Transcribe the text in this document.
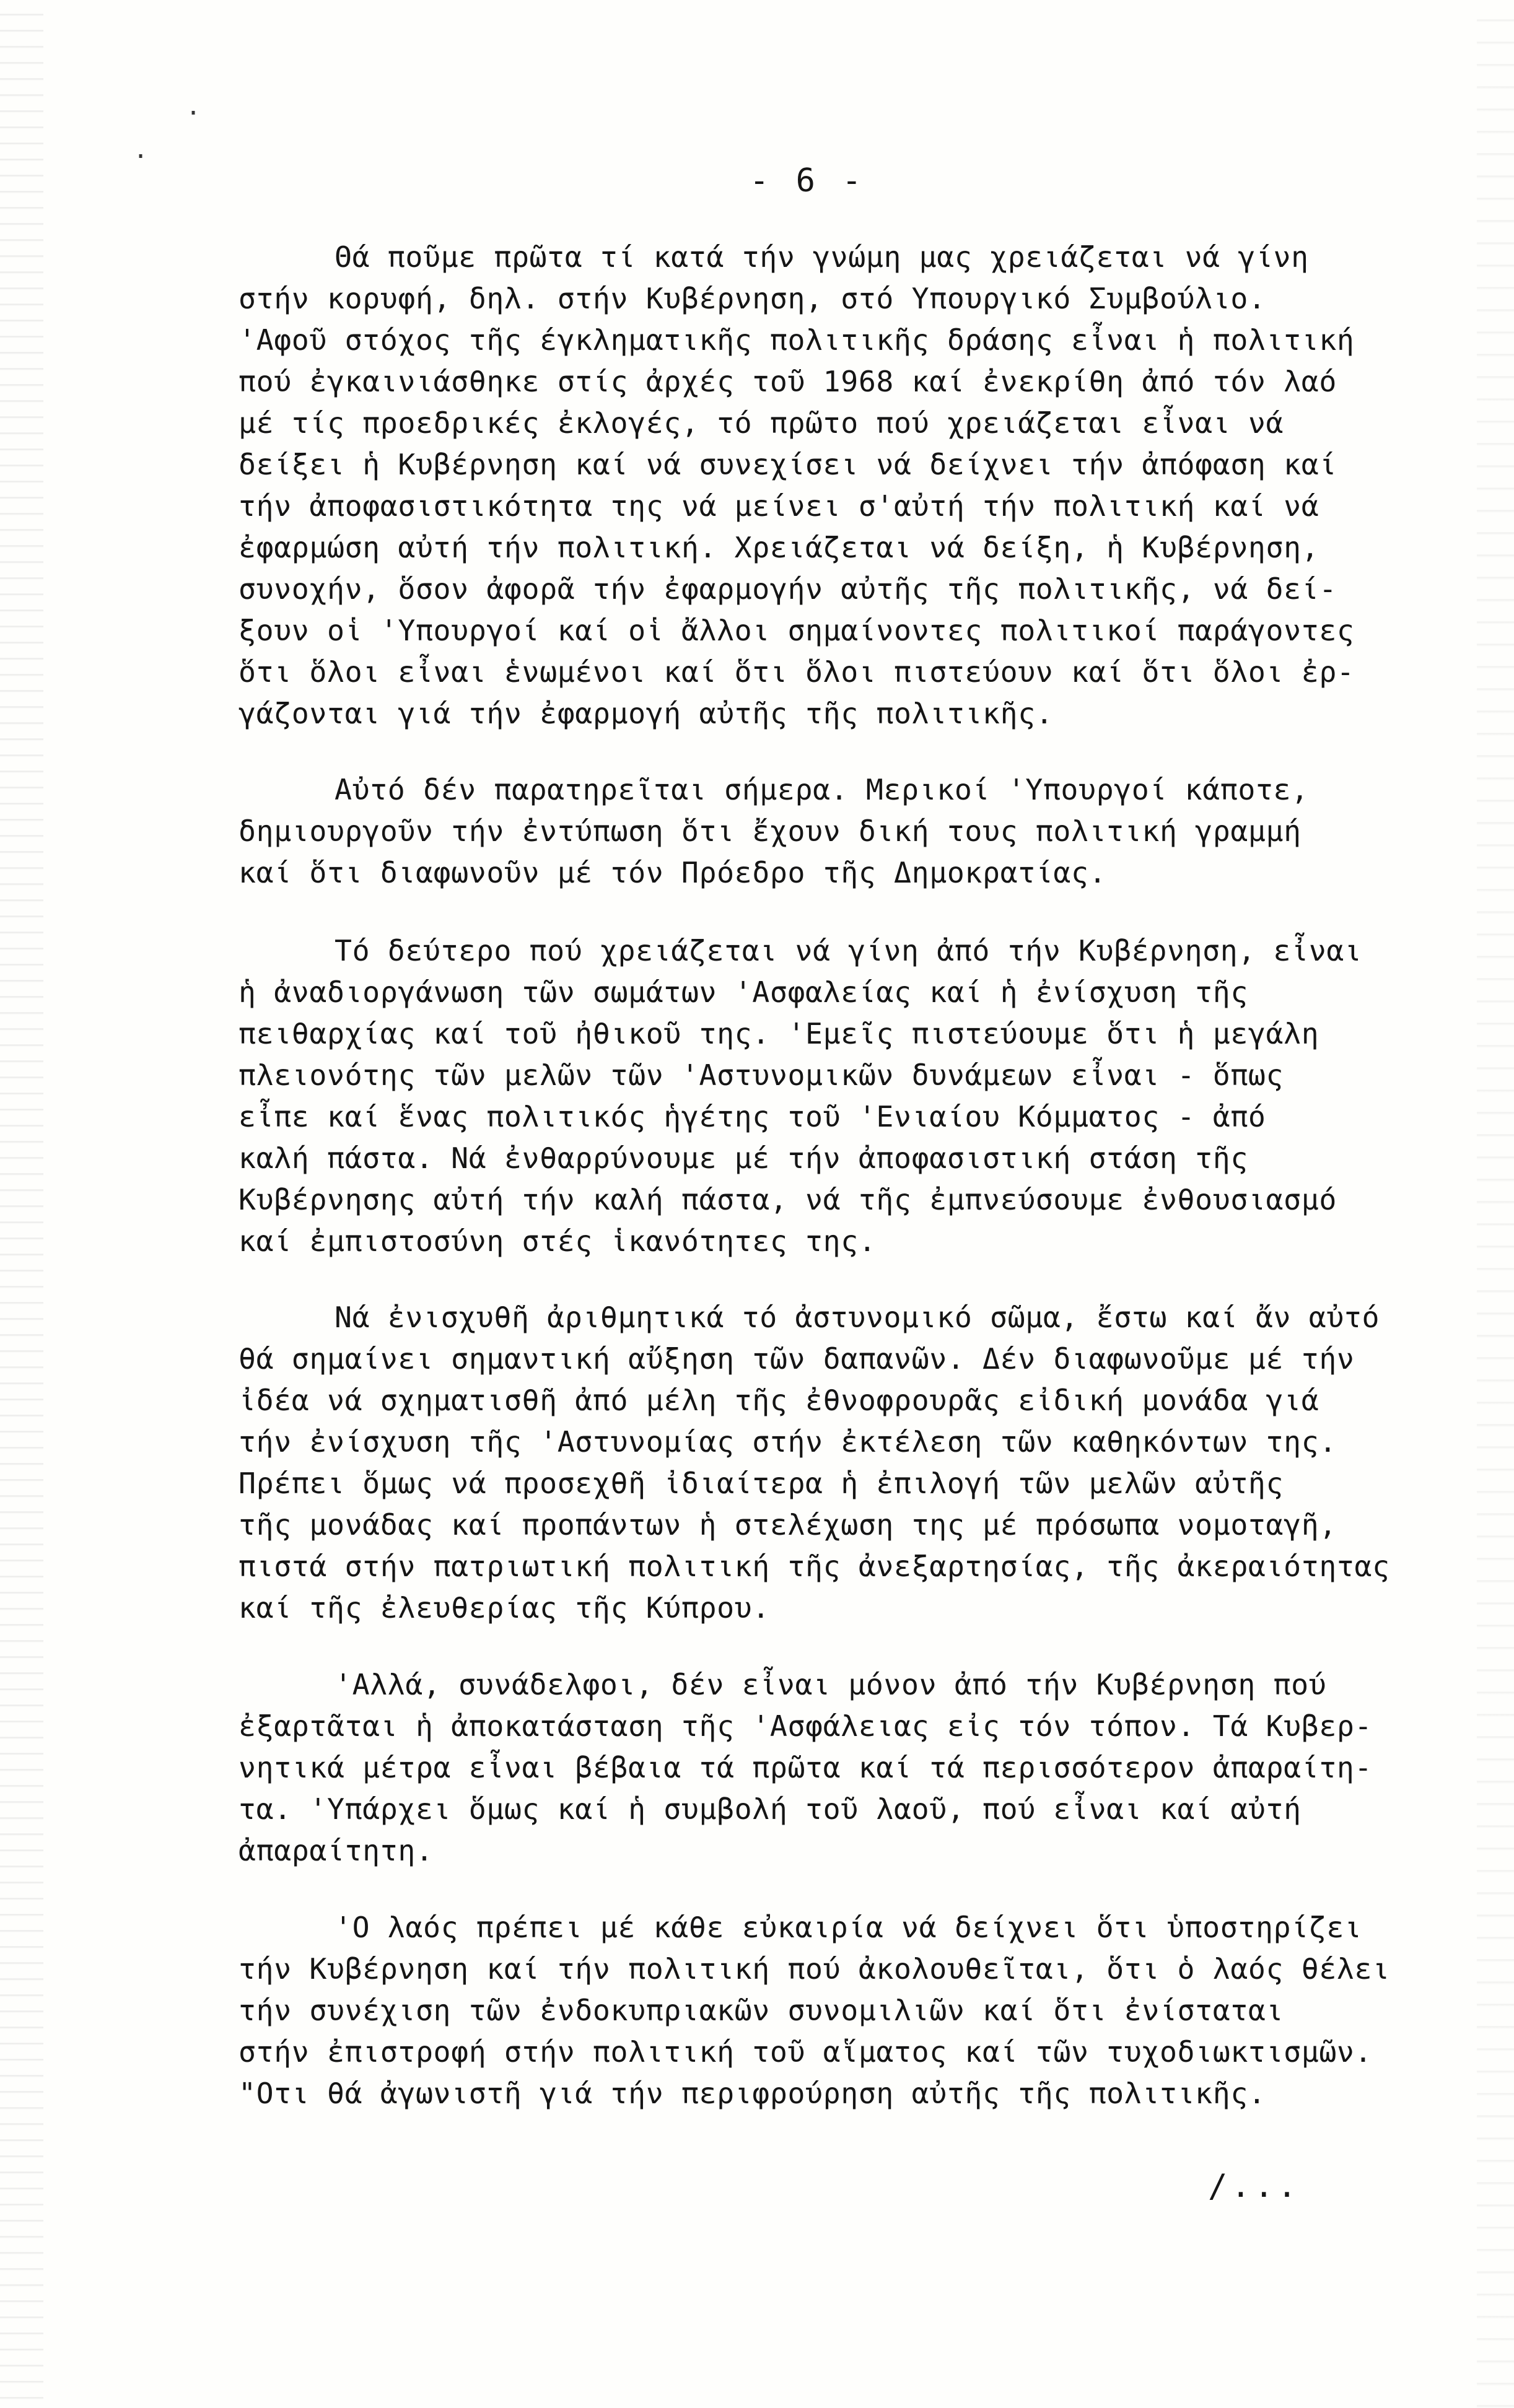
·
·
- 6 -
Θά ποῦμε πρῶτα τί κατά τήν γνώμη μας χρειάζεται νά γίνη
στήν κορυφή, δηλ. στήν Κυβέρνηση, στό Υπουργικό Συμβούλιο.
'Αφοῦ στόχος τῆς έγκληματικῆς πολιτικῆς δράσης εἶναι ἡ πολιτική
πού ἐγκαινιάσθηκε στίς ἀρχές τοῦ 1968 καί ἐνεκρίθη ἀπό τόν λαό
μέ τίς προεδρικές ἐκλογές, τό πρῶτο πού χρειάζεται εἶναι νά
δείξει ἡ Κυβέρνηση καί νά συνεχίσει νά δείχνει τήν ἀπόφαση καί
τήν ἀποφασιστικότητα της νά μείνει σ'αὐτή τήν πολιτική καί νά
ἐφαρμώση αὐτή τήν πολιτική. Χρειάζεται νά δείξη, ἡ Κυβέρνηση,
συνοχήν, ὅσον ἀφορᾶ τήν ἐφαρμογήν αὐτῆς τῆς πολιτικῆς, νά δεί-
ξουν οἱ 'Υπουργοί καί οἱ ἄλλοι σημαίνοντες πολιτικοί παράγοντες
ὅτι ὅλοι εἶναι ἑνωμένοι καί ὅτι ὅλοι πιστεύουν καί ὅτι ὅλοι ἐρ-
γάζονται γιά τήν ἐφαρμογή αὐτῆς τῆς πολιτικῆς.
Αὐτό δέν παρατηρεῖται σήμερα. Μερικοί 'Υπουργοί κάποτε,
δημιουργοῦν τήν ἐντύπωση ὅτι ἔχουν δική τους πολιτική γραμμή
καί ὅτι διαφωνοῦν μέ τόν Πρόεδρο τῆς Δημοκρατίας.
Τό δεύτερο πού χρειάζεται νά γίνη ἀπό τήν Κυβέρνηση, εἶναι
ἡ ἀναδιοργάνωση τῶν σωμάτων 'Ασφαλείας καί ἡ ἐνίσχυση τῆς
πειθαρχίας καί τοῦ ἠθικοῦ της. 'Εμεῖς πιστεύουμε ὅτι ἡ μεγάλη
πλειονότης τῶν μελῶν τῶν 'Αστυνομικῶν δυνάμεων εἶναι - ὅπως
εἶπε καί ἕνας πολιτικός ἡγέτης τοῦ 'Ενιαίου Κόμματος - ἀπό
καλή πάστα. Νά ἐνθαρρύνουμε μέ τήν ἀποφασιστική στάση τῆς
Κυβέρνησης αὐτή τήν καλή πάστα, νά τῆς ἐμπνεύσουμε ἐνθουσιασμό
καί ἐμπιστοσύνη στές ἱκανότητες της.
Νά ἐνισχυθῆ ἀριθμητικά τό ἀστυνομικό σῶμα, ἔστω καί ἄν αὐτό
θά σημαίνει σημαντική αὔξηση τῶν δαπανῶν. Δέν διαφωνοῦμε μέ τήν
ἰδέα νά σχηματισθῆ ἀπό μέλη τῆς ἐθνοφρουρᾶς εἰδική μονάδα γιά
τήν ἐνίσχυση τῆς 'Αστυνομίας στήν ἐκτέλεση τῶν καθηκόντων της.
Πρέπει ὅμως νά προσεχθῆ ἰδιαίτερα ἡ ἐπιλογή τῶν μελῶν αὐτῆς
τῆς μονάδας καί προπάντων ἡ στελέχωση της μέ πρόσωπα νομοταγῆ,
πιστά στήν πατριωτική πολιτική τῆς ἀνεξαρτησίας, τῆς ἀκεραιότητας
καί τῆς ἐλευθερίας τῆς Κύπρου.
'Αλλά, συνάδελφοι, δέν εἶναι μόνον ἀπό τήν Κυβέρνηση πού
ἐξαρτᾶται ἡ ἀποκατάσταση τῆς 'Ασφάλειας εἰς τόν τόπον. Τά Κυβερ-
νητικά μέτρα εἶναι βέβαια τά πρῶτα καί τά περισσότερον ἀπαραίτη-
τα. 'Υπάρχει ὅμως καί ἡ συμβολή τοῦ λαοῦ, πού εἶναι καί αὐτή
ἀπαραίτητη.
'Ο λαός πρέπει μέ κάθε εὐκαιρία νά δείχνει ὅτι ὑποστηρίζει
τήν Κυβέρνηση καί τήν πολιτική πού ἀκολουθεῖται, ὅτι ὁ λαός θέλει
τήν συνέχιση τῶν ἐνδοκυπριακῶν συνομιλιῶν καί ὅτι ἐνίσταται
στήν ἐπιστροφή στήν πολιτική τοῦ αἵματος καί τῶν τυχοδιωκτισμῶν.
"Οτι θά ἀγωνιστῆ γιά τήν περιφρούρηση αὐτῆς τῆς πολιτικῆς.
/...
